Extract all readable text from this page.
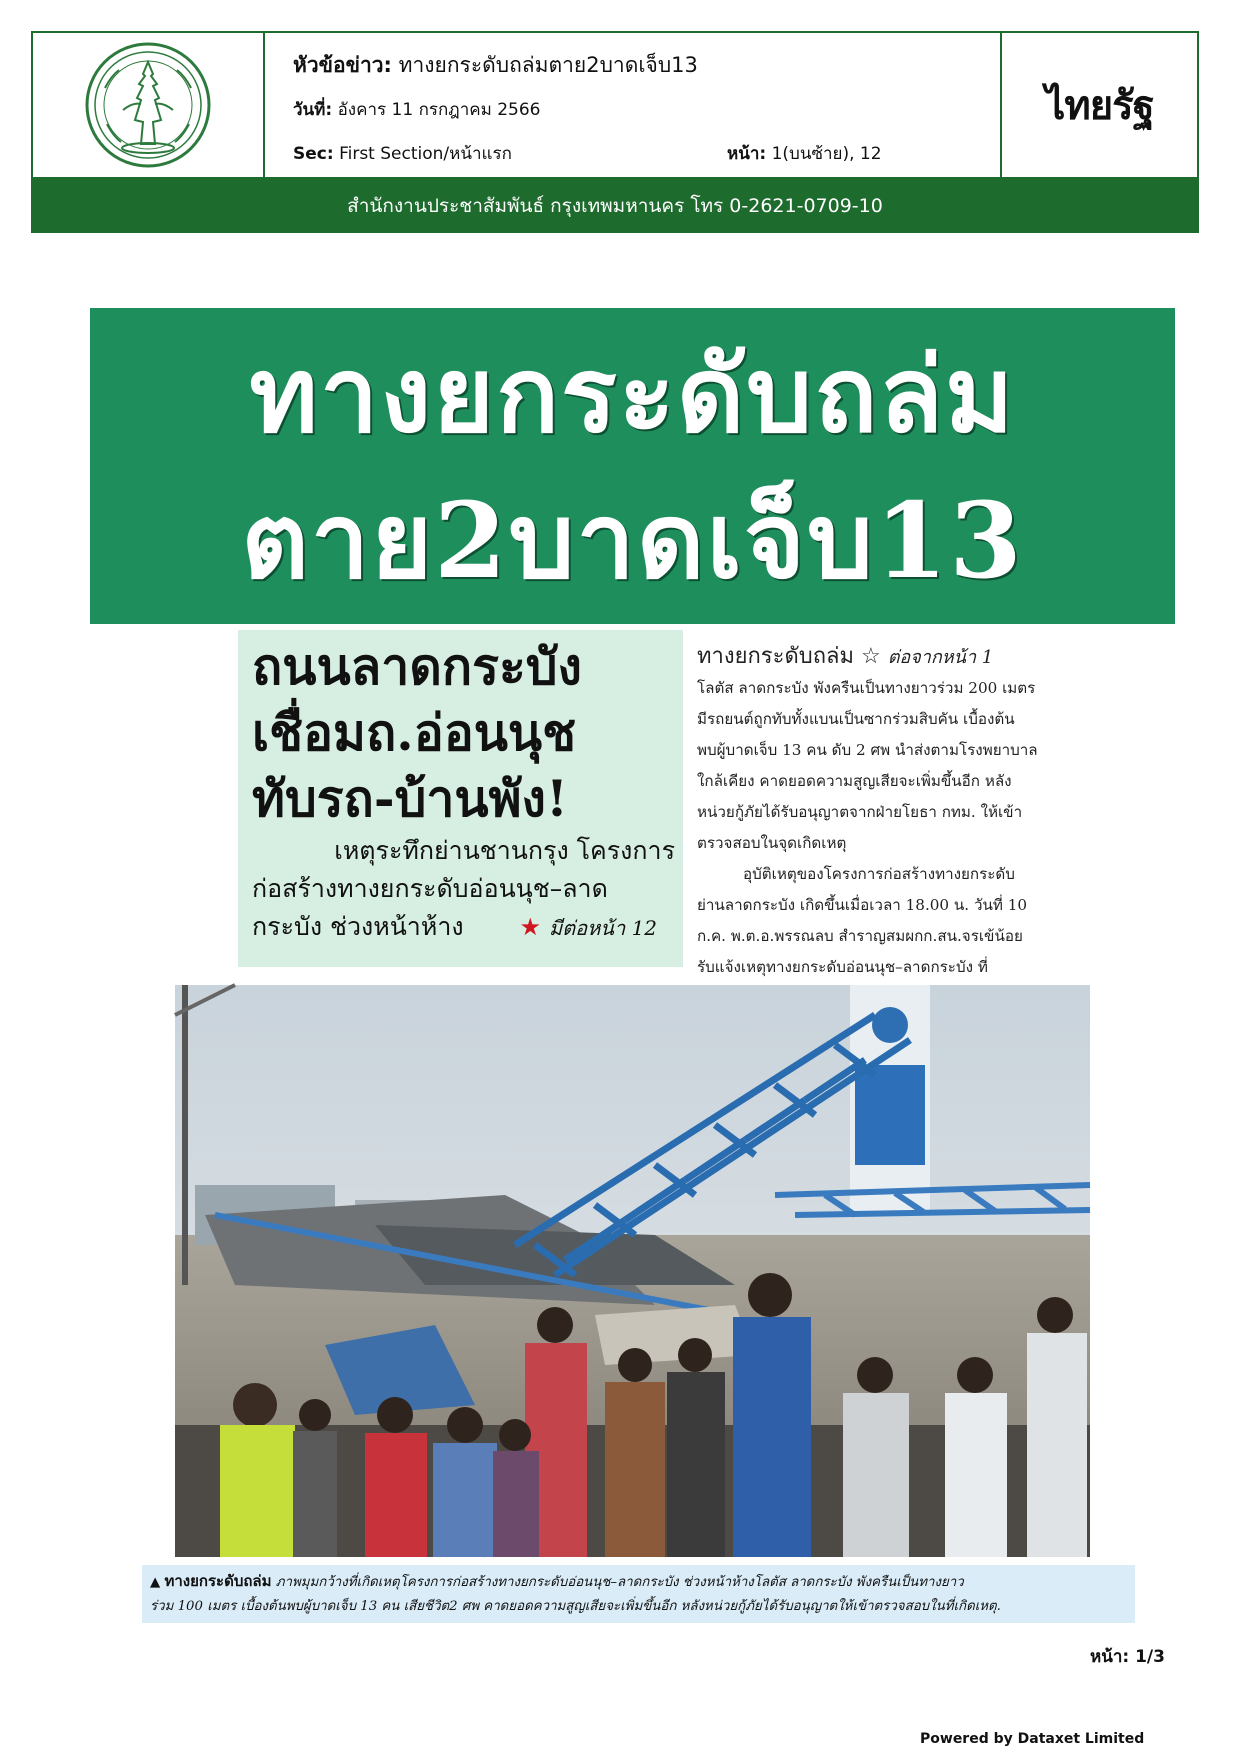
หัวข้อข่าว: ทางยกระดับถล่มตาย2บาดเจ็บ13
วันที่: อังคาร 11 กรกฎาคม 2566
Sec: First Section/หน้าแรก	หน้า: 1(บนซ้าย), 12
ไทยรัฐ
สำนักงานประชาสัมพันธ์ กรุงเทพมหานคร โทร 0-2621-0709-10
ทางยกระดับถล่ม
ตาย2บาดเจ็บ13
ถนนลาดกระบัง
เชื่อมถ.อ่อนนุช
ทับรถ-บ้านพัง!
เหตุระทึกย่านชานกรุง โครงการ
ก่อสร้างทางยกระดับอ่อนนุช–ลาด
กระบัง ช่วงหน้าห้าง ★ มีต่อหน้า 12
ทางยกระดับถล่ม ☆ ต่อจากหน้า 1
โลตัส ลาดกระบัง พังครืนเป็นทางยาวร่วม 200 เมตร
มีรถยนต์ถูกทับทั้งแบนเป็นซากร่วมสิบคัน เบื้องต้น
พบผู้บาดเจ็บ 13 คน ดับ 2 ศพ นำส่งตามโรงพยาบาล
ใกล้เคียง คาดยอดความสูญเสียจะเพิ่มขึ้นอีก หลัง
หน่วยกู้ภัยได้รับอนุญาตจากฝ่ายโยธา กทม. ให้เข้า
ตรวจสอบในจุดเกิดเหตุ
อุบัติเหตุของโครงการก่อสร้างทางยกระดับ
ย่านลาดกระบัง เกิดขึ้นเมื่อเวลา 18.00 น. วันที่ 10
ก.ค. พ.ต.อ.พรรณลบ สำราญสมผกก.สน.จรเข้น้อย
รับแจ้งเหตุทางยกระดับอ่อนนุช–ลาดกระบัง ที่
▲ ทางยกระดับถล่ม ภาพมุมกว้างที่เกิดเหตุโครงการก่อสร้างทางยกระดับอ่อนนุช–ลาดกระบัง ช่วงหน้าห้างโลตัส ลาดกระบัง พังครืนเป็นทางยาว
ร่วม 100 เมตร เบื้องต้นพบผู้บาดเจ็บ 13 คน เสียชีวิต2 ศพ คาดยอดความสูญเสียจะเพิ่มขึ้นอีก หลังหน่วยกู้ภัยได้รับอนุญาตให้เข้าตรวจสอบในที่เกิดเหตุ.
หน้า: 1/3
Powered by Dataxet Limited
